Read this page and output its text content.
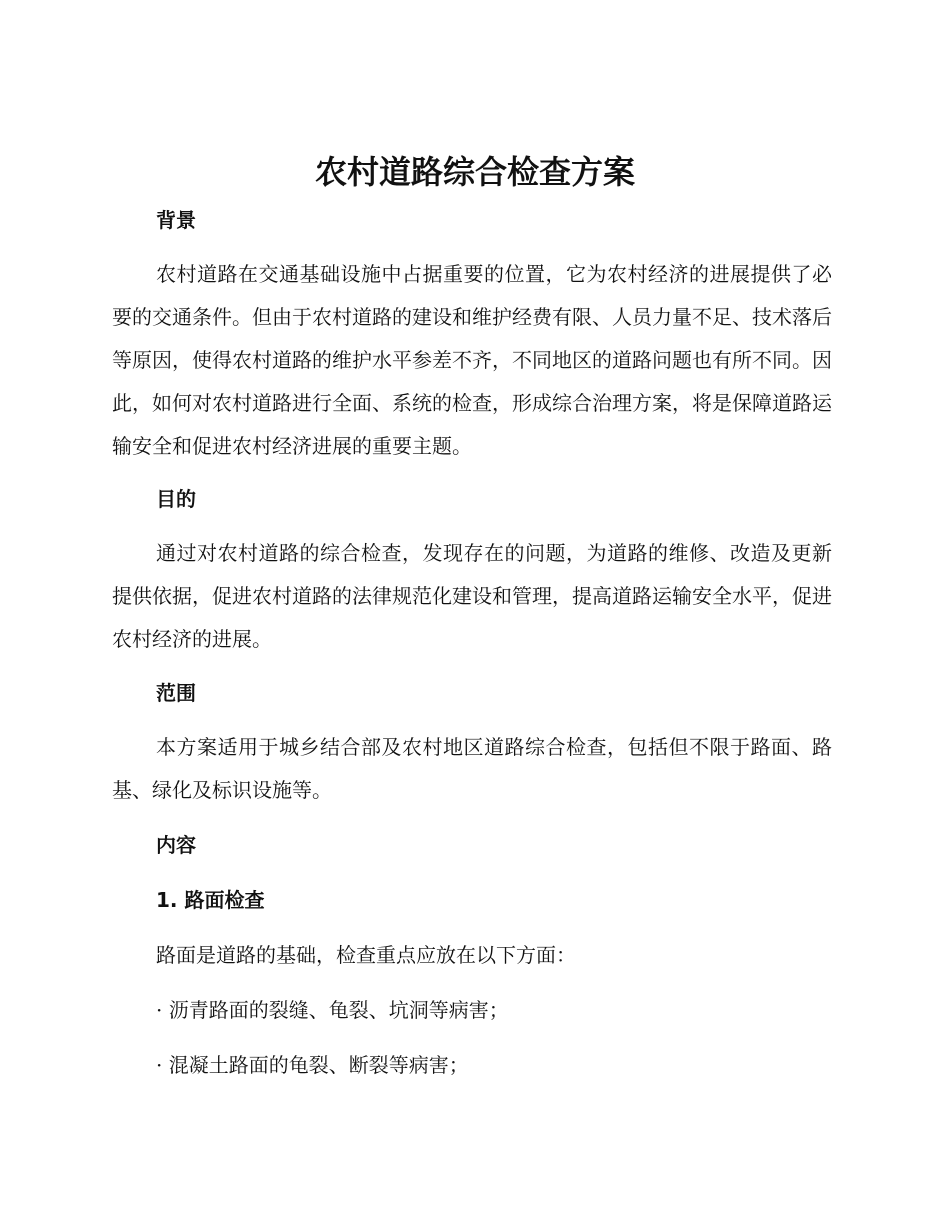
农村道路综合检查方案
背景

农村道路在交通基础设施中占据重要的位置，它为农村经济的进展提供了必要的交通条件。但由于农村道路的建设和维护经费有限、人员力量不足、技术落后等原因，使得农村道路的维护水平参差不齐，不同地区的道路问题也有所不同。因此，如何对农村道路进行全面、系统的检查，形成综合治理方案，将是保障道路运输安全和促进农村经济进展的重要主题。

目的

通过对农村道路的综合检查，发现存在的问题，为道路的维修、改造及更新提供依据，促进农村道路的法律规范化建设和管理，提高道路运输安全水平，促进农村经济的进展。

范围

本方案适用于城乡结合部及农村地区道路综合检查，包括但不限于路面、路基、绿化及标识设施等。

内容
1. 路面检查

路面是道路的基础，检查重点应放在以下方面：

· 沥青路面的裂缝、龟裂、坑洞等病害；

· 混凝土路面的龟裂、断裂等病害；
